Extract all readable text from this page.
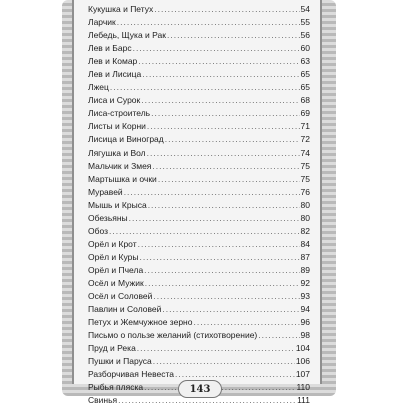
Кукушка и Петух .....	54
Ларчик .....	55
Лебедь, Щука и Рак .....	56
Лев и Барс .....	60
Лев и Комар .....	63
Лев и Лисица .....	65
Лжец .....	65
Лиса и Сурок .....	68
Лиса-строитель .....	69
Листы и Корни .....	71
Лисица и Виноград .....	72
Лягушка и Вол .....	74
Мальчик и Змея .....	75
Мартышка и очки .....	75
Муравей .....	76
Мышь и Крыса .....	80
Обезьяны .....	80
Обоз .....	82
Орёл и Крот .....	84
Орёл и Куры .....	87
Орёл и Пчела .....	89
Осёл и Мужик .....	92
Осёл и Соловей .....	93
Павлин и Соловей .....	94
Петух и Жемчужное зерно .....	96
Письмо о пользе желаний (стихотворение) .....	98
Пруд и Река .....	104
Пушки и Паруса .....	106
Разборчивая Невеста .....	107
Рыбья пляска .....	110
Свинья .....	111
143
